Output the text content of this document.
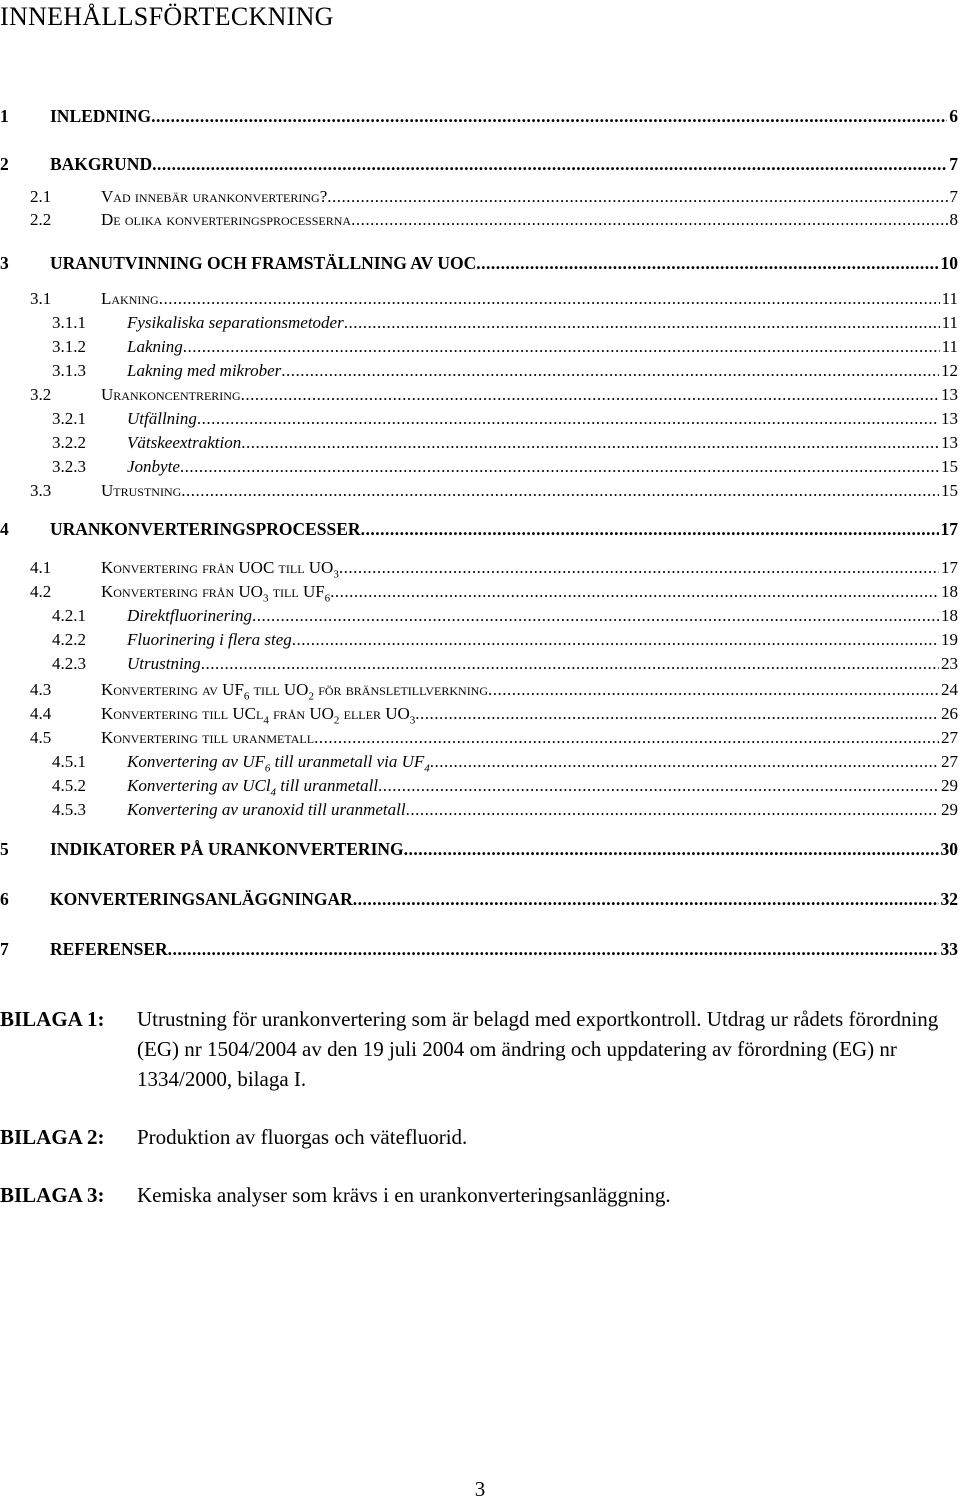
INNEHÅLLSFÖRTECKNING
1	INLEDNING .....	6
2	BAKGRUND .....	7
2.1	Vad innebär urankonvertering? .....	7
2.2	De olika konverteringsprocesserna .....	8
3	URANUTVINNING OCH FRAMSTÄLLNING AV UOC .....	10
3.1	Lakning .....	11
3.1.1	Fysikaliska separationsmetoder .....	11
3.1.2	Lakning .....	11
3.1.3	Lakning med mikrober .....	12
3.2	Urankoncentrering .....	13
3.2.1	Utfällning .....	13
3.2.2	Vätskeextraktion .....	13
3.2.3	Jonbyte .....	15
3.3	Utrustning .....	15
4	URANKONVERTERINGSPROCESSER .....	17
4.1	Konvertering från UOC till $UO_3$ .....	17
4.2	Konvertering från $UO_3$ till $UF_6$ .....	18
4.2.1	Direktfluorinering .....	18
4.2.2	Fluorinering i flera steg .....	19
4.2.3	Utrustning .....	23
4.3	Konvertering av $UF_6$ till $UO_2$ för bränsletillverkning .....	24
4.4	Konvertering till UCl$_4$ från $UO_2$ eller $UO_3$ .....	26
4.5	Konvertering till uranmetall .....	27
4.5.1	Konvertering av $UF_6$ till uranmetall via $UF_4$ .....	27
4.5.2	Konvertering av UCl$_4$ till uranmetall .....	29
4.5.3	Konvertering av uranoxid till uranmetall .....	29
5	INDIKATORER PÅ URANKONVERTERING .....	30
6	KONVERTERINGSANLÄGGNINGAR .....	32
7	REFERENSER .....	33
BILAGA 1:	Utrustning för urankonvertering som är belagd med exportkontroll. Utdrag ur rådets förordning (EG) nr 1504/2004 av den 19 juli 2004 om ändring och uppdatering av förordning (EG) nr 1334/2000, bilaga I.
BILAGA 2:	Produktion av fluorgas och vätefluorid.
BILAGA 3:	Kemiska analyser som krävs i en urankonverteringsanläggning.
3
